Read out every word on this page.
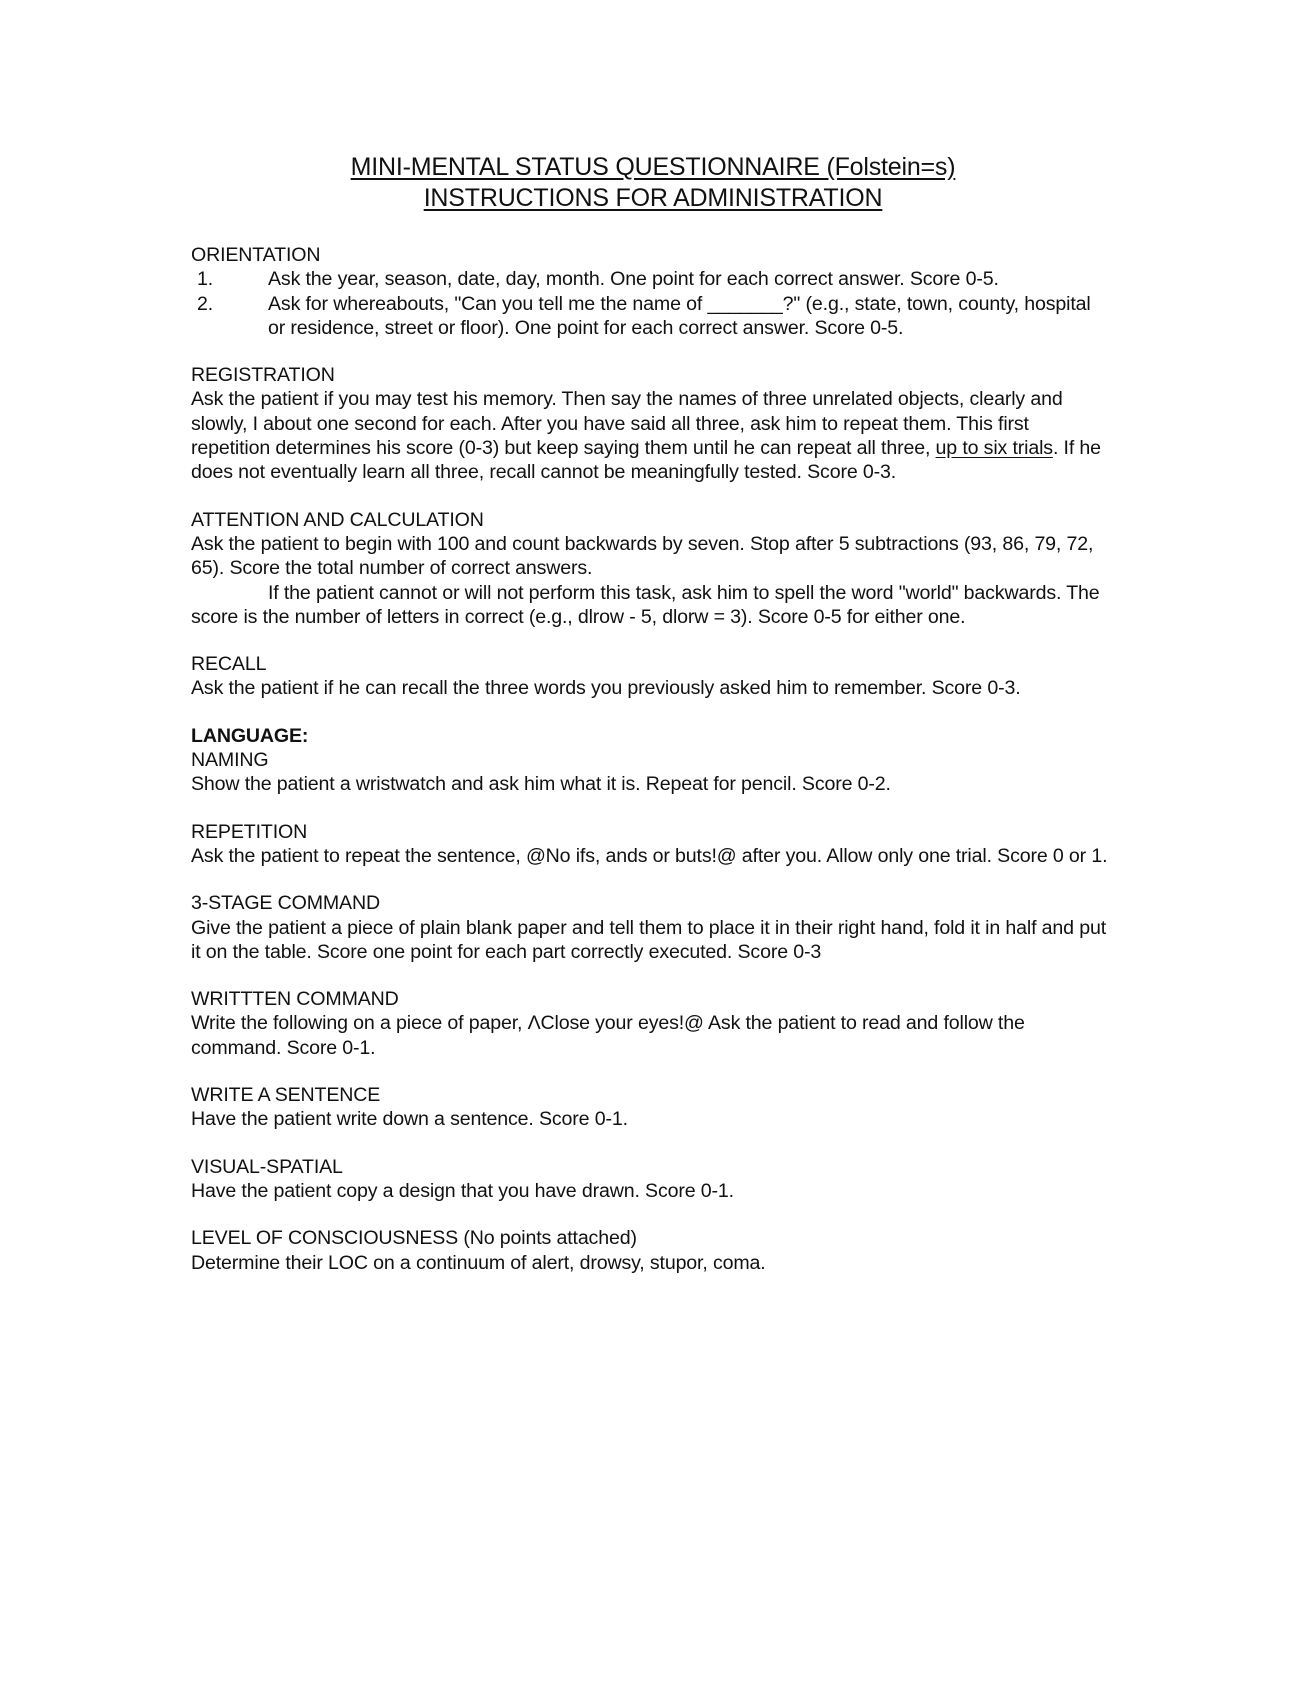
MINI-MENTAL STATUS QUESTIONNAIRE (Folstein=s)
INSTRUCTIONS FOR ADMINISTRATION
ORIENTATION
1.	Ask the year, season, date, day, month. One point for each correct answer. Score 0-5.
2.	Ask for whereabouts, "Can you tell me the name of _______?" (e.g., state, town, county, hospital or residence, street or floor). One point for each correct answer. Score 0-5.
REGISTRATION

Ask the patient if you may test his memory. Then say the names of three unrelated objects, clearly and slowly, I about one second for each. After you have said all three, ask him to repeat them. This first repetition determines his score (0-3) but keep saying them until he can repeat all three, up to six trials. If he does not eventually learn all three, recall cannot be meaningfully tested. Score 0-3.

ATTENTION AND CALCULATION

Ask the patient to begin with 100 and count backwards by seven. Stop after 5 subtractions (93, 86, 79, 72, 65). Score the total number of correct answers.

If the patient cannot or will not perform this task, ask him to spell the word "world" backwards. The score is the number of letters in correct (e.g., dlrow - 5, dlorw = 3). Score 0-5 for either one.

RECALL

Ask the patient if he can recall the three words you previously asked him to remember. Score 0-3.

LANGUAGE:
NAMING

Show the patient a wristwatch and ask him what it is. Repeat for pencil. Score 0-2.

REPETITION

Ask the patient to repeat the sentence, @No ifs, ands or buts!@ after you. Allow only one trial. Score 0 or 1.

3-STAGE COMMAND

Give the patient a piece of plain blank paper and tell them to place it in their right hand, fold it in half and put it on the table. Score one point for each part correctly executed. Score 0-3

WRITTTEN COMMAND

Write the following on a piece of paper, ΛClose your eyes!@ Ask the patient to read and follow the command. Score 0-1.

WRITE A SENTENCE

Have the patient write down a sentence. Score 0-1.

VISUAL-SPATIAL

Have the patient copy a design that you have drawn. Score 0-1.

LEVEL OF CONSCIOUSNESS (No points attached)

Determine their LOC on a continuum of alert, drowsy, stupor, coma.
